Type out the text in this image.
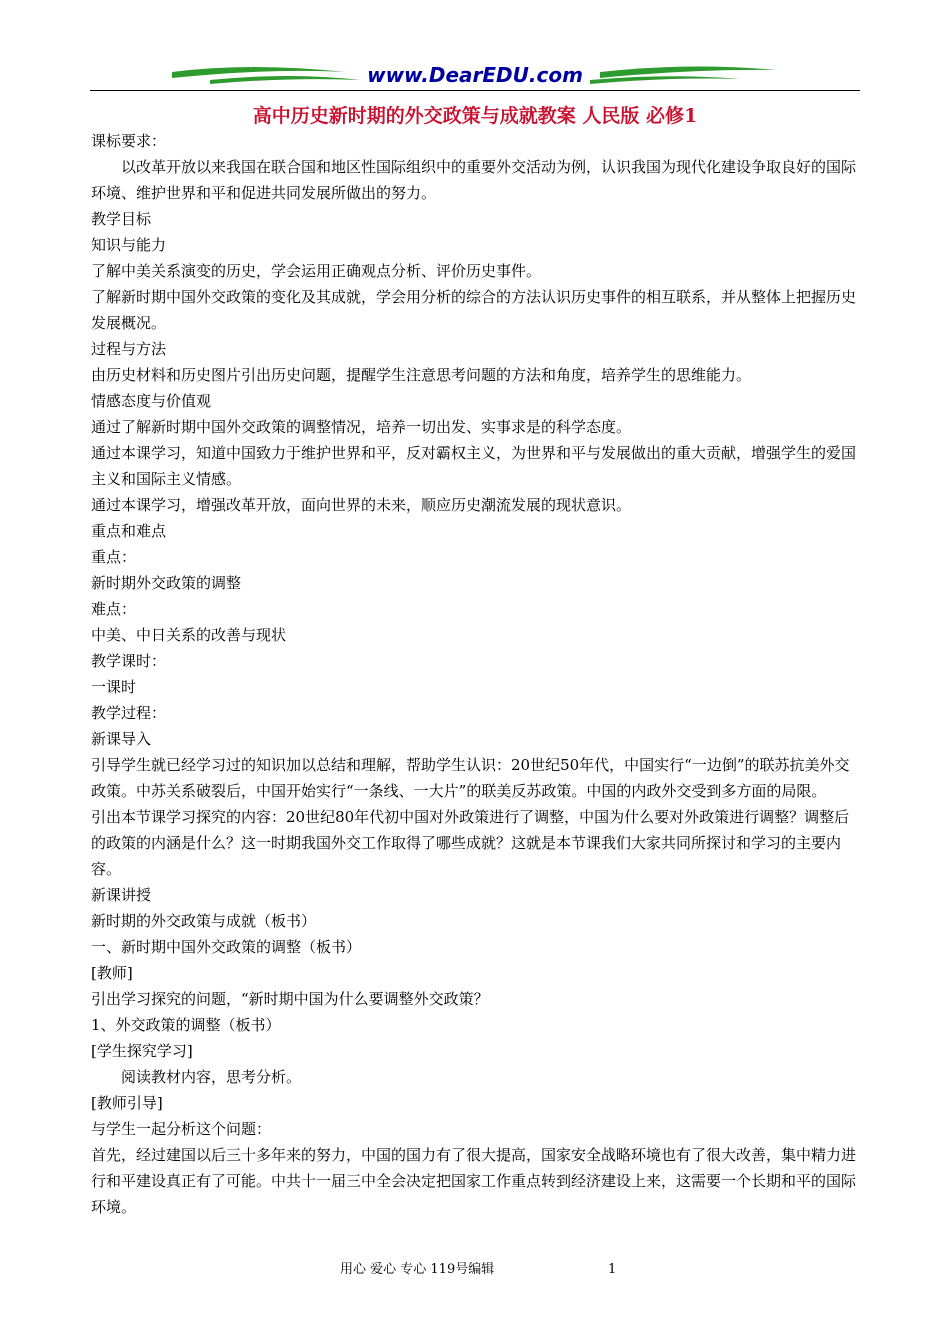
www.DearEDU.com
高中历史新时期的外交政策与成就教案 人民版 必修1

课标要求：

以改革开放以来我国在联合国和地区性国际组织中的重要外交活动为例，认识我国为现代化建设争取良好的国际环境、维护世界和平和促进共同发展所做出的努力。

教学目标

知识与能力

了解中美关系演变的历史，学会运用正确观点分析、评价历史事件。

了解新时期中国外交政策的变化及其成就，学会用分析的综合的方法认识历史事件的相互联系，并从整体上把握历史发展概况。

过程与方法

由历史材料和历史图片引出历史问题，提醒学生注意思考问题的方法和角度，培养学生的思维能力。

情感态度与价值观

通过了解新时期中国外交政策的调整情况，培养一切出发、实事求是的科学态度。

通过本课学习，知道中国致力于维护世界和平，反对霸权主义，为世界和平与发展做出的重大贡献，增强学生的爱国主义和国际主义情感。

通过本课学习，增强改革开放，面向世界的未来，顺应历史潮流发展的现状意识。

重点和难点

重点：

新时期外交政策的调整

难点：

中美、中日关系的改善与现状

教学课时：

一课时

教学过程：

新课导入

引导学生就已经学习过的知识加以总结和理解，帮助学生认识：20世纪50年代，中国实行“一边倒”的联苏抗美外交政策。中苏关系破裂后，中国开始实行“一条线、一大片”的联美反苏政策。中国的内政外交受到多方面的局限。

引出本节课学习探究的内容：20世纪80年代初中国对外政策进行了调整，中国为什么要对外政策进行调整？调整后的政策的内涵是什么？这一时期我国外交工作取得了哪些成就？这就是本节课我们大家共同所探讨和学习的主要内容。

新课讲授

新时期的外交政策与成就（板书）

一、新时期中国外交政策的调整（板书）

[教师]

引出学习探究的问题，“新时期中国为什么要调整外交政策？

1、外交政策的调整（板书）

[学生探究学习]

阅读教材内容，思考分析。

[教师引导]

与学生一起分析这个问题：

首先，经过建国以后三十多年来的努力，中国的国力有了很大提高，国家安全战略环境也有了很大改善，集中精力进行和平建设真正有了可能。中共十一届三中全会决定把国家工作重点转到经济建设上来，这需要一个长期和平的国际环境。

用心 爱心 专心 119号编辑	1
